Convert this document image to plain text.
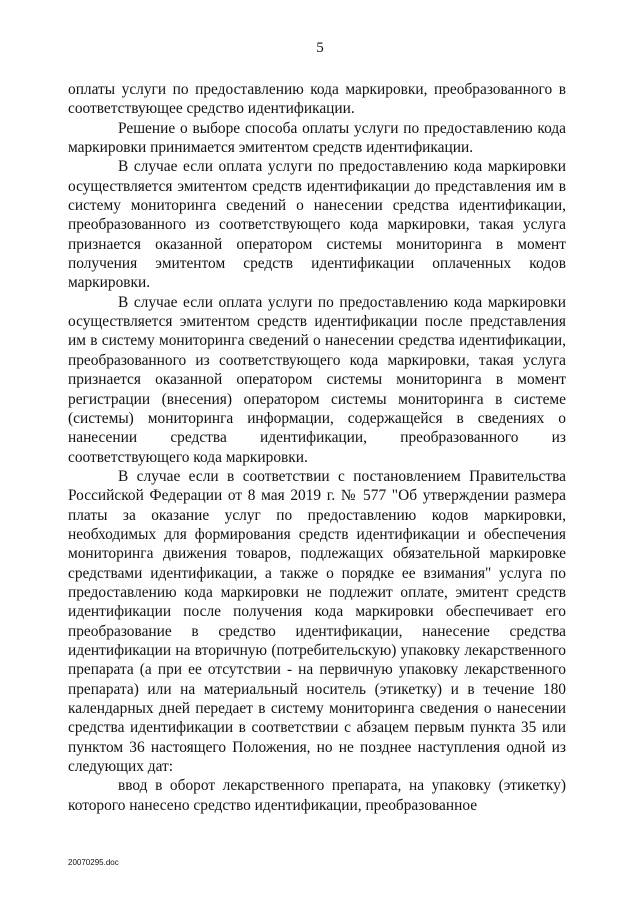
5

оплаты услуги по предоставлению кода маркировки, преобразованного в соответствующее средство идентификации.

Решение о выборе способа оплаты услуги по предоставлению кода маркировки принимается эмитентом средств идентификации.

В случае если оплата услуги по предоставлению кода маркировки осуществляется эмитентом средств идентификации до представления им в систему мониторинга сведений о нанесении средства идентификации, преобразованного из соответствующего кода маркировки, такая услуга признается оказанной оператором системы мониторинга в момент получения эмитентом средств идентификации оплаченных кодов маркировки.

В случае если оплата услуги по предоставлению кода маркировки осуществляется эмитентом средств идентификации после представления им в систему мониторинга сведений о нанесении средства идентификации, преобразованного из соответствующего кода маркировки, такая услуга признается оказанной оператором системы мониторинга в момент регистрации (внесения) оператором системы мониторинга в системе (системы) мониторинга информации, содержащейся в сведениях о нанесении средства идентификации, преобразованного из соответствующего кода маркировки.

В случае если в соответствии с постановлением Правительства Российской Федерации от 8 мая 2019 г. № 577 "Об утверждении размера платы за оказание услуг по предоставлению кодов маркировки, необходимых для формирования средств идентификации и обеспечения мониторинга движения товаров, подлежащих обязательной маркировке средствами идентификации, а также о порядке ее взимания" услуга по предоставлению кода маркировки не подлежит оплате, эмитент средств идентификации после получения кода маркировки обеспечивает его преобразование в средство идентификации, нанесение средства идентификации на вторичную (потребительскую) упаковку лекарственного препарата (а при ее отсутствии - на первичную упаковку лекарственного препарата) или на материальный носитель (этикетку) и в течение 180 календарных дней передает в систему мониторинга сведения о нанесении средства идентификации в соответствии с абзацем первым пункта 35 или пунктом 36 настоящего Положения, но не позднее наступления одной из следующих дат:

ввод в оборот лекарственного препарата, на упаковку (этикетку) которого нанесено средство идентификации, преобразованное

20070295.doc
